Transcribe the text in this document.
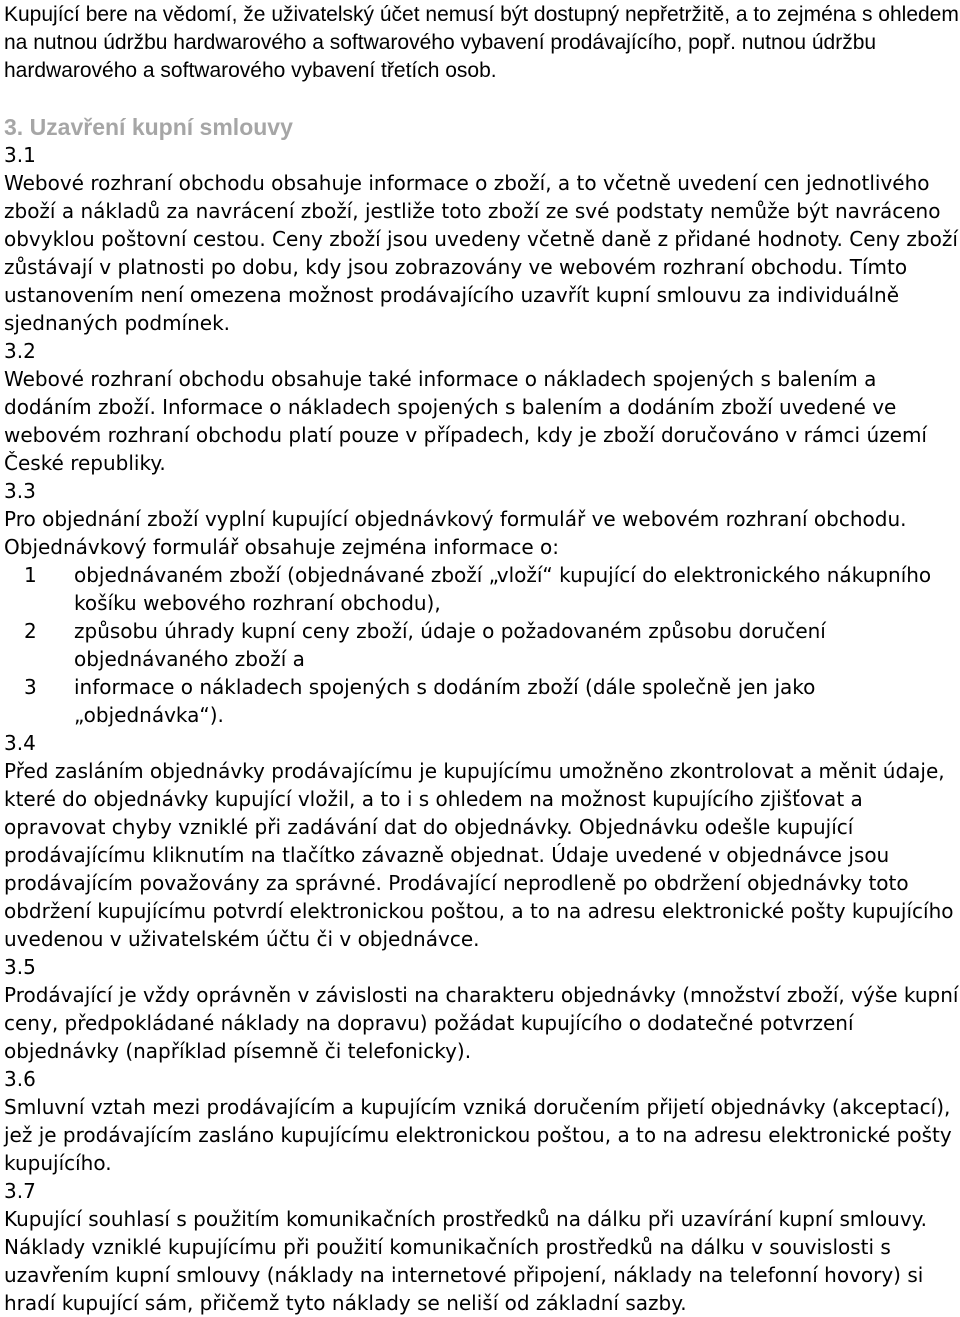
Kupující bere na vědomí, že uživatelský účet nemusí být dostupný nepřetržitě, a to zejména s ohledem na nutnou údržbu hardwarového a softwarového vybavení prodávajícího, popř. nutnou údržbu hardwarového a softwarového vybavení třetích osob.

3. Uzavření kupní smlouvy

3.1

Webové rozhraní obchodu obsahuje informace o zboží, a to včetně uvedení cen jednotlivého zboží a nákladů za navrácení zboží, jestliže toto zboží ze své podstaty nemůže být navráceno obvyklou poštovní cestou. Ceny zboží jsou uvedeny včetně daně z přidané hodnoty. Ceny zboží zůstávají v platnosti po dobu, kdy jsou zobrazovány ve webovém rozhraní obchodu. Tímto ustanovením není omezena možnost prodávajícího uzavřít kupní smlouvu za individuálně sjednaných podmínek.

3.2

Webové rozhraní obchodu obsahuje také informace o nákladech spojených s balením a dodáním zboží. Informace o nákladech spojených s balením a dodáním zboží uvedené ve webovém rozhraní obchodu platí pouze v případech, kdy je zboží doručováno v rámci území České republiky.

3.3

Pro objednání zboží vyplní kupující objednávkový formulář ve webovém rozhraní obchodu. Objednávkový formulář obsahuje zejména informace o:

1	objednávaném zboží (objednávané zboží „vloží“ kupující do elektronického nákupního košíku webového rozhraní obchodu),
2	způsobu úhrady kupní ceny zboží, údaje o požadovaném způsobu doručení objednávaného zboží a
3	informace o nákladech spojených s dodáním zboží (dále společně jen jako „objednávka“).

3.4

Před zasláním objednávky prodávajícímu je kupujícímu umožněno zkontrolovat a měnit údaje, které do objednávky kupující vložil, a to i s ohledem na možnost kupujícího zjišťovat a opravovat chyby vzniklé při zadávání dat do objednávky. Objednávku odešle kupující prodávajícímu kliknutím na tlačítko závazně objednat. Údaje uvedené v objednávce jsou prodávajícím považovány za správné. Prodávající neprodleně po obdržení objednávky toto obdržení kupujícímu potvrdí elektronickou poštou, a to na adresu elektronické pošty kupujícího uvedenou v uživatelském účtu či v objednávce.

3.5

Prodávající je vždy oprávněn v závislosti na charakteru objednávky (množství zboží, výše kupní ceny, předpokládané náklady na dopravu) požádat kupujícího o dodatečné potvrzení objednávky (například písemně či telefonicky).

3.6

Smluvní vztah mezi prodávajícím a kupujícím vzniká doručením přijetí objednávky (akceptací), jež je prodávajícím zasláno kupujícímu elektronickou poštou, a to na adresu elektronické pošty kupujícího.

3.7

Kupující souhlasí s použitím komunikačních prostředků na dálku při uzavírání kupní smlouvy. Náklady vzniklé kupujícímu při použití komunikačních prostředků na dálku v souvislosti s uzavřením kupní smlouvy (náklady na internetové připojení, náklady na telefonní hovory) si hradí kupující sám, přičemž tyto náklady se neliší od základní sazby.
